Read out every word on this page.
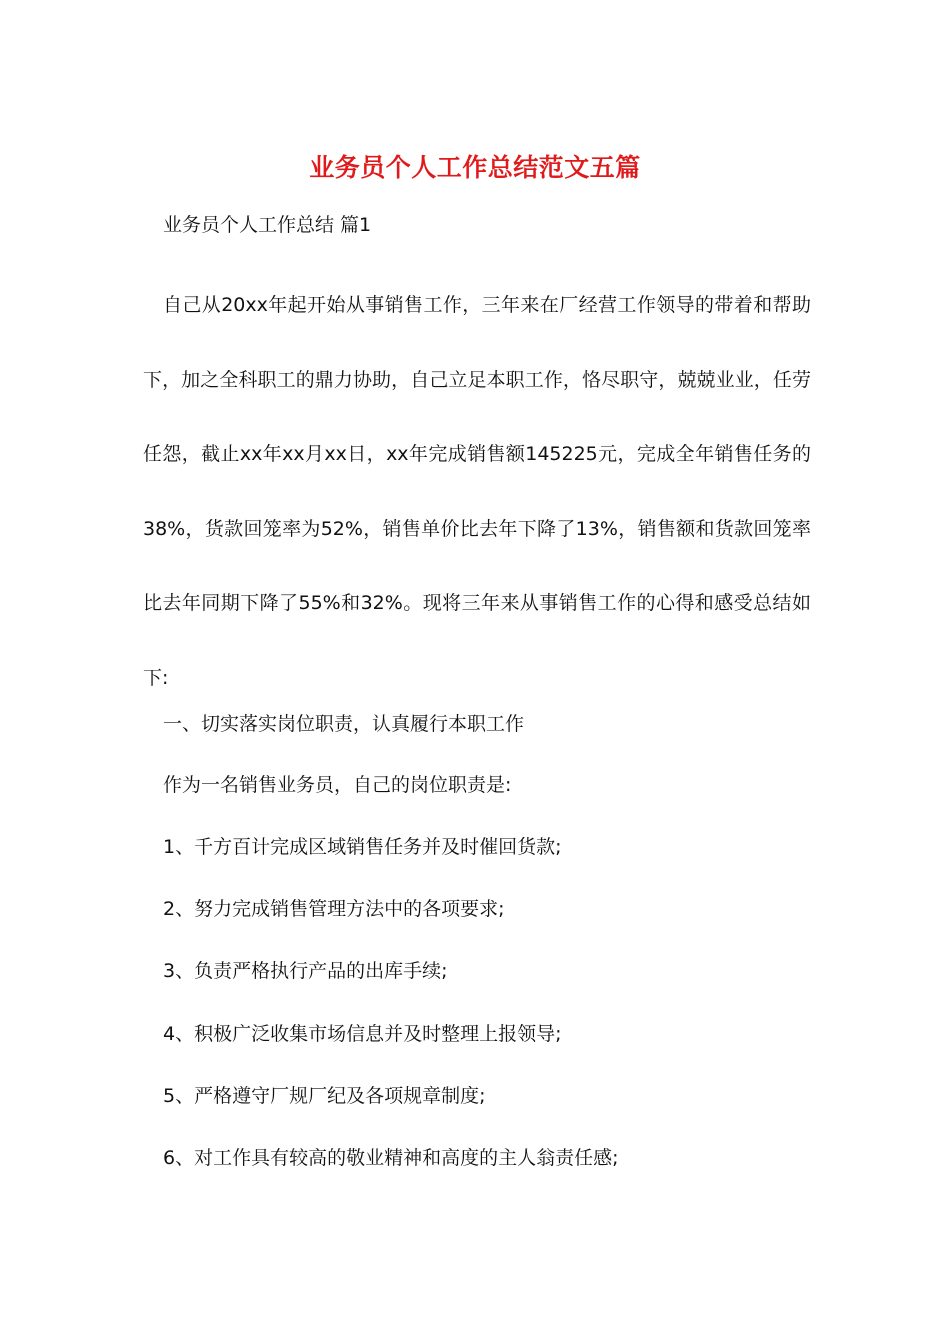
业务员个人工作总结范文五篇
业务员个人工作总结 篇1
自己从20xx年起开始从事销售工作，三年来在厂经营工作领导的带着和帮助下，加之全科职工的鼎力协助，自己立足本职工作，恪尽职守，兢兢业业，任劳任怨，截止xx年xx月xx日，xx年完成销售额145225元，完成全年销售任务的38%，货款回笼率为52%，销售单价比去年下降了13%，销售额和货款回笼率比去年同期下降了55%和32%。现将三年来从事销售工作的心得和感受总结如下:
一、切实落实岗位职责，认真履行本职工作
作为一名销售业务员，自己的岗位职责是:
1、千方百计完成区域销售任务并及时催回货款;
2、努力完成销售管理方法中的各项要求;
3、负责严格执行产品的出库手续;
4、积极广泛收集市场信息并及时整理上报领导;
5、严格遵守厂规厂纪及各项规章制度;
6、对工作具有较高的敬业精神和高度的主人翁责任感;
